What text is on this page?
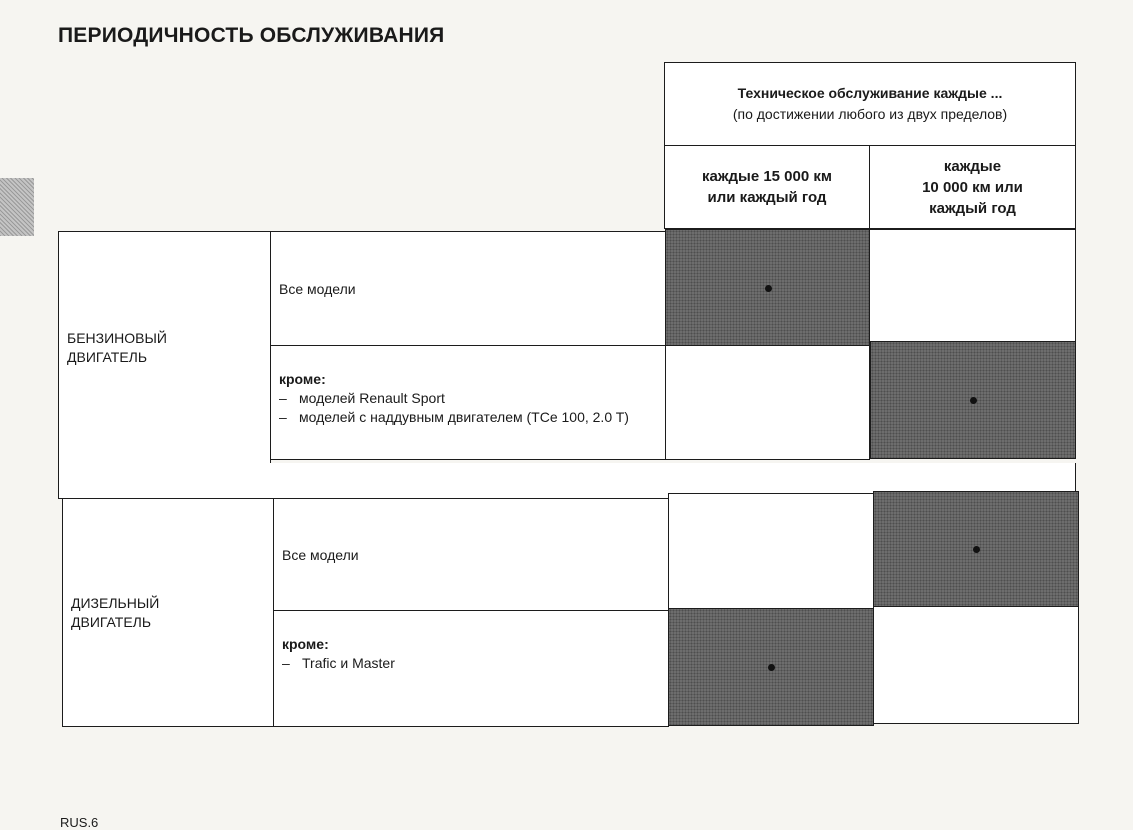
ПЕРИОДИЧНОСТЬ ОБСЛУЖИВАНИЯ
Техническое обслуживание каждые ...
(по достижении любого из двух пределов)
каждые 15 000 км
или каждый год
каждые
10 000 км или
каждый год
БЕНЗИНОВЫЙ
ДВИГАТЕЛЬ
Все модели
кроме:
– моделей Renault Sport
– моделей с наддувным двигателем (TCe 100, 2.0 T)
ДИЗЕЛЬНЫЙ
ДВИГАТЕЛЬ
Все модели
кроме:
– Trafic и Master
RUS.6
